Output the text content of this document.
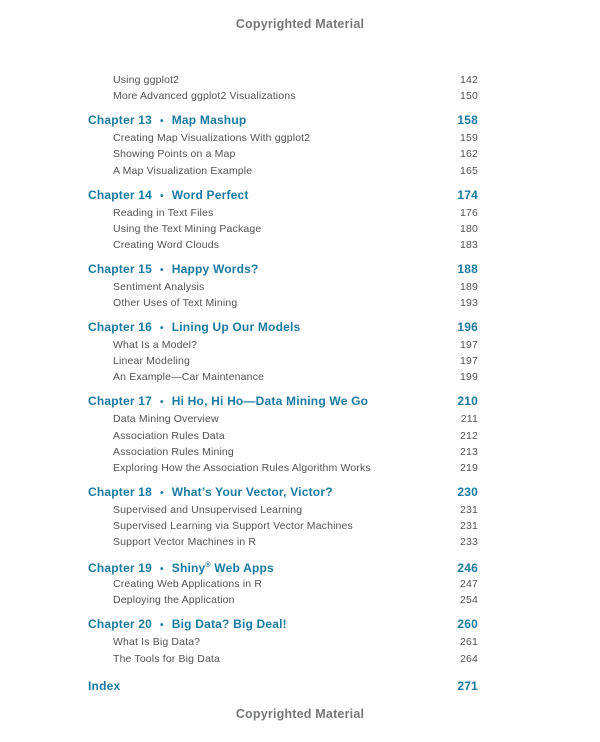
Copyrighted Material
Using ggplot2	142
More Advanced ggplot2 Visualizations	150
Chapter 13 • Map Mashup	158
Creating Map Visualizations With ggplot2	159
Showing Points on a Map	162
A Map Visualization Example	165
Chapter 14 • Word Perfect	174
Reading in Text Files	176
Using the Text Mining Package	180
Creating Word Clouds	183
Chapter 15 • Happy Words?	188
Sentiment Analysis	189
Other Uses of Text Mining	193
Chapter 16 • Lining Up Our Models	196
What Is a Model?	197
Linear Modeling	197
An Example—Car Maintenance	199
Chapter 17 • Hi Ho, Hi Ho—Data Mining We Go	210
Data Mining Overview	211
Association Rules Data	212
Association Rules Mining	213
Exploring How the Association Rules Algorithm Works	219
Chapter 18 • What’s Your Vector, Victor?	230
Supervised and Unsupervised Learning	231
Supervised Learning via Support Vector Machines	231
Support Vector Machines in R	233
Chapter 19 • Shiny® Web Apps	246
Creating Web Applications in R	247
Deploying the Application	254
Chapter 20 • Big Data? Big Deal!	260
What Is Big Data?	261
The Tools for Big Data	264
Index	271
Copyrighted Material
